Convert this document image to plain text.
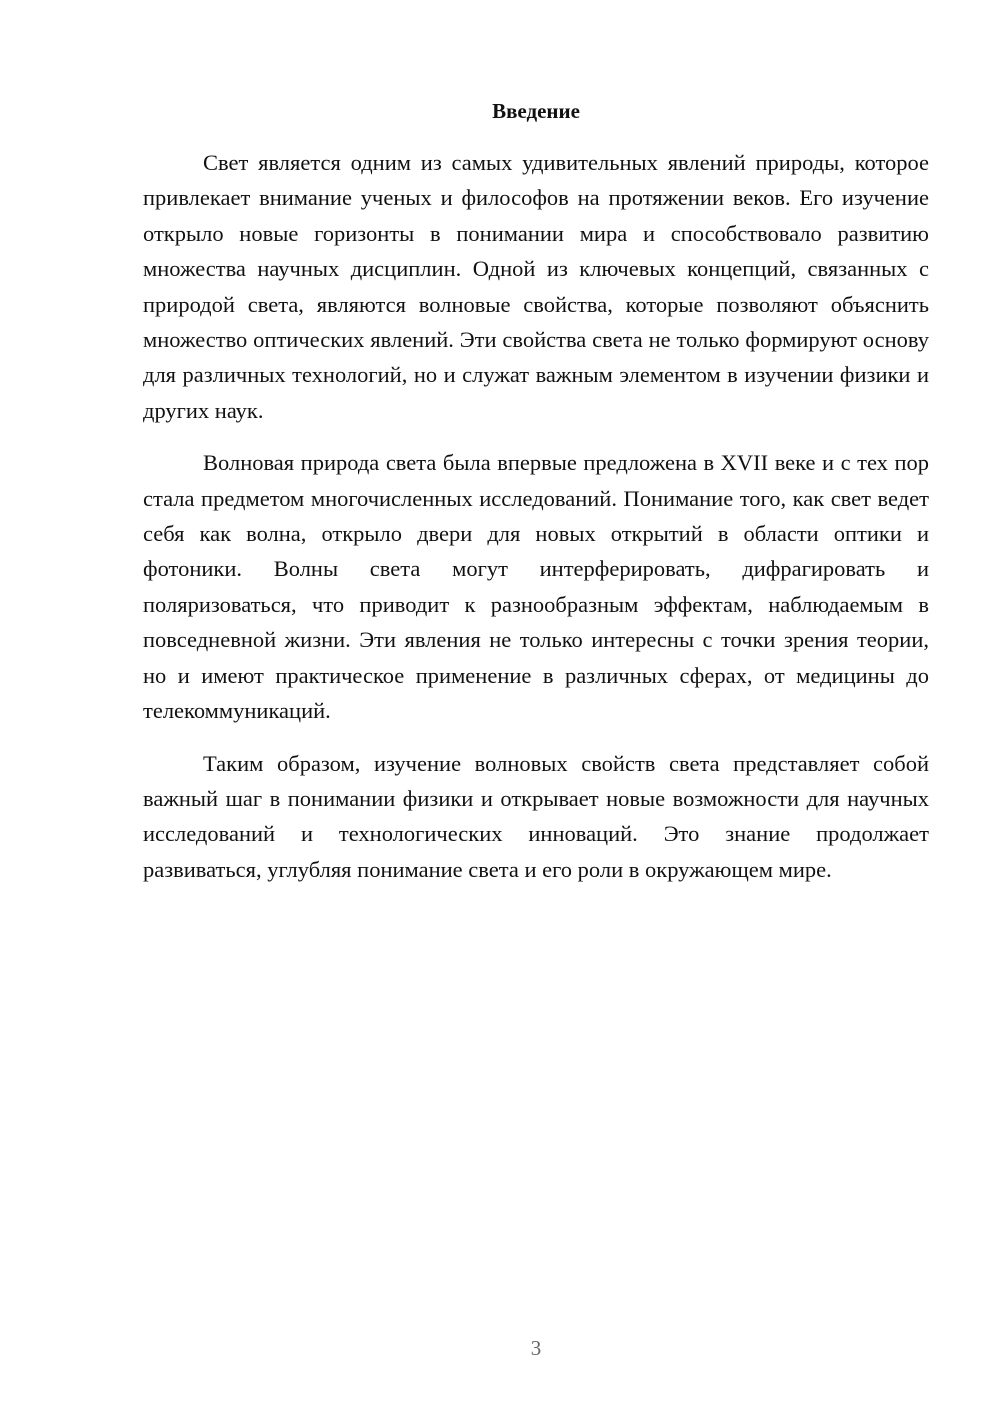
Введение

Свет является одним из самых удивительных явлений природы, которое привлекает внимание ученых и философов на протяжении веков. Его изучение открыло новые горизонты в понимании мира и способствовало развитию множества научных дисциплин. Одной из ключевых концепций, связанных с природой света, являются волновые свойства, которые позволяют объяснить множество оптических явлений. Эти свойства света не только формируют основу для различных технологий, но и служат важным элементом в изучении физики и других наук.

Волновая природа света была впервые предложена в XVII веке и с тех пор стала предметом многочисленных исследований. Понимание того, как свет ведет себя как волна, открыло двери для новых открытий в области оптики и фотоники. Волны света могут интерферировать, дифрагировать и поляризоваться, что приводит к разнообразным эффектам, наблюдаемым в повседневной жизни. Эти явления не только интересны с точки зрения теории, но и имеют практическое применение в различных сферах, от медицины до телекоммуникаций.

Таким образом, изучение волновых свойств света представляет собой важный шаг в понимании физики и открывает новые возможности для научных исследований и технологических инноваций. Это знание продолжает развиваться, углубляя понимание света и его роли в окружающем мире.

3
